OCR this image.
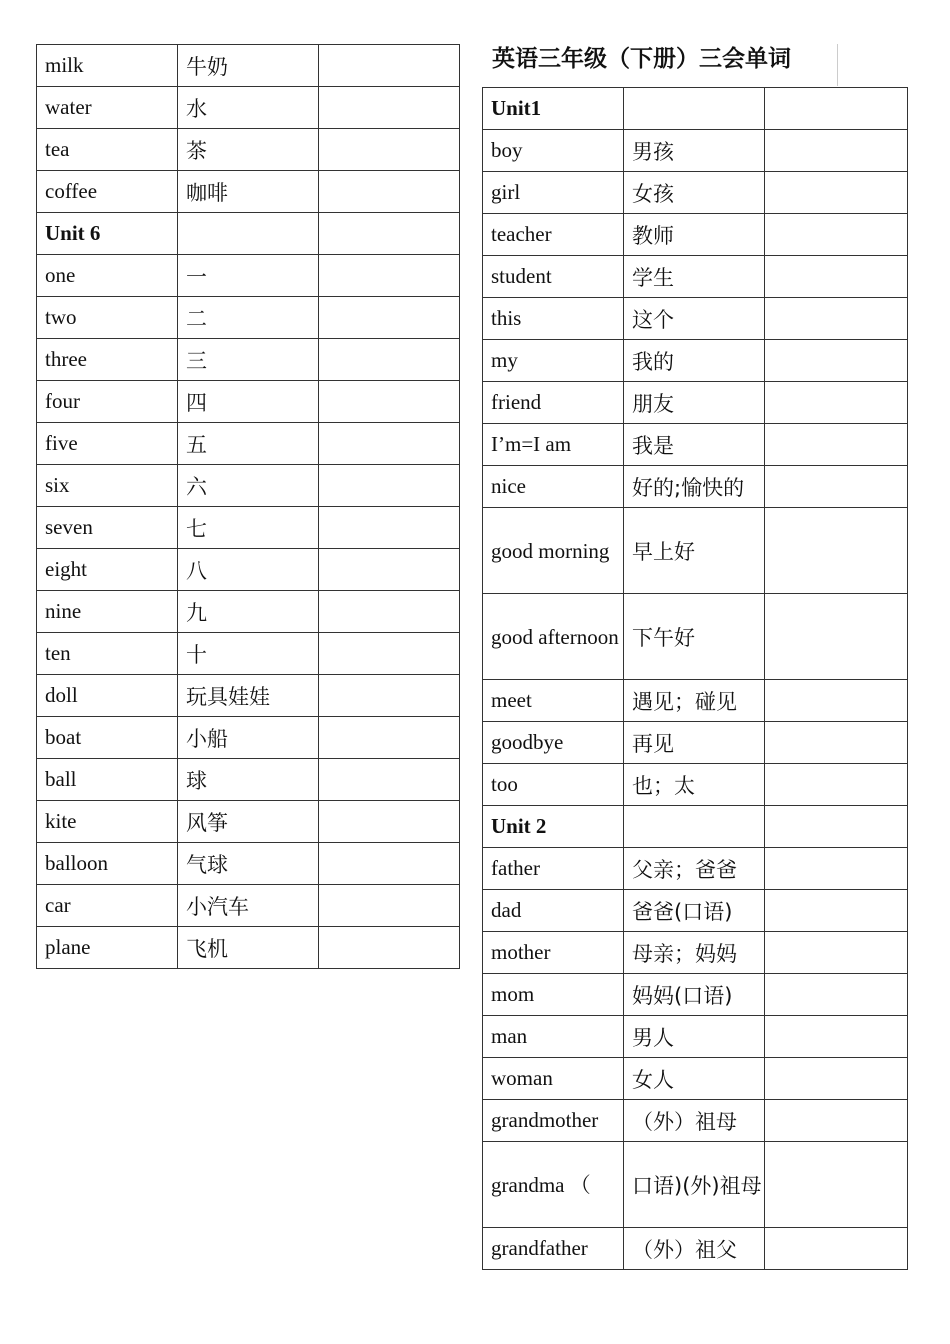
英语三年级（下册）三会单词
milk	牛奶	
water	水	
tea	茶	
coffee	咖啡	
Unit 6		
one	一	
two	二	
three	三	
four	四	
five	五	
six	六	
seven	七	
eight	八	
nine	九	
ten	十	
doll	玩具娃娃	
boat	小船	
ball	球	
kite	风筝	
balloon	气球	
car	小汽车	
plane	飞机	
Unit1		
boy	男孩	
girl	女孩	
teacher	教师	
student	学生	
this	这个	
my	我的	
friend	朋友	
I’m=I am	我是	
nice	好的;愉快的	
good morning	早上好	
good afternoon	下午好	
meet	遇见；碰见	
goodbye	再见	
too	也；太	
Unit 2		
father	父亲；爸爸	
dad	爸爸(口语)	
mother	母亲；妈妈	
mom	妈妈(口语)	
man	男人	
woman	女人	
grandmother	（外）祖母	
grandma （	口语)(外)祖母	
grandfather	（外）祖父	
